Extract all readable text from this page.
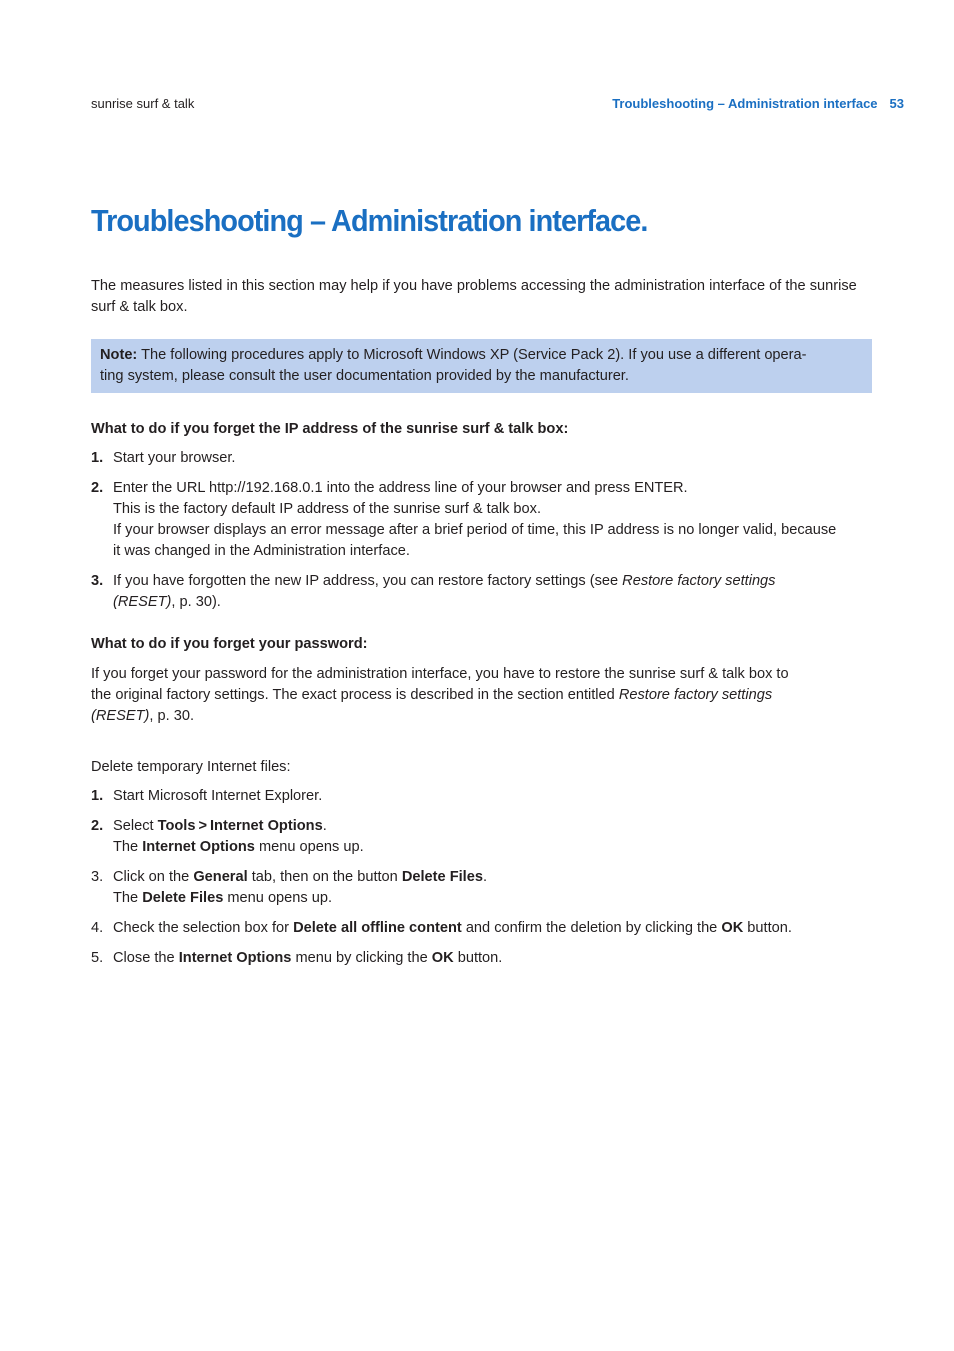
sunrise surf & talk	Troubleshooting – Administration interface 53
Troubleshooting – Administration interface.

The measures listed in this section may help if you have problems accessing the administration interface of the sunrise surf & talk box.

Note: The following procedures apply to Microsoft Windows XP (Service Pack 2). If you use a different opera-
ting system, please consult the user documentation provided by the manufacturer.

What to do if you forget the IP address of the sunrise surf & talk box:

1. Start your browser.
2. Enter the URL http://192.168.0.1 into the address line of your browser and press ENTER.
This is the factory default IP address of the sunrise surf & talk box.
If your browser displays an error message after a brief period of time, this IP address is no longer valid, because
it was changed in the Administration interface.
3. If you have forgotten the new IP address, you can restore factory settings (see Restore factory settings
(RESET), p. 30).

What to do if you forget your password:

If you forget your password for the administration interface, you have to restore the sunrise surf & talk box to
the original factory settings. The exact process is described in the section entitled Restore factory settings
(RESET), p. 30.

Delete temporary Internet files:

1. Start Microsoft Internet Explorer.
2. Select Tools > Internet Options.
The Internet Options menu opens up.
3. Click on the General tab, then on the button Delete Files.
The Delete Files menu opens up.
4. Check the selection box for Delete all offline content and confirm the deletion by clicking the OK button.
5. Close the Internet Options menu by clicking the OK button.
